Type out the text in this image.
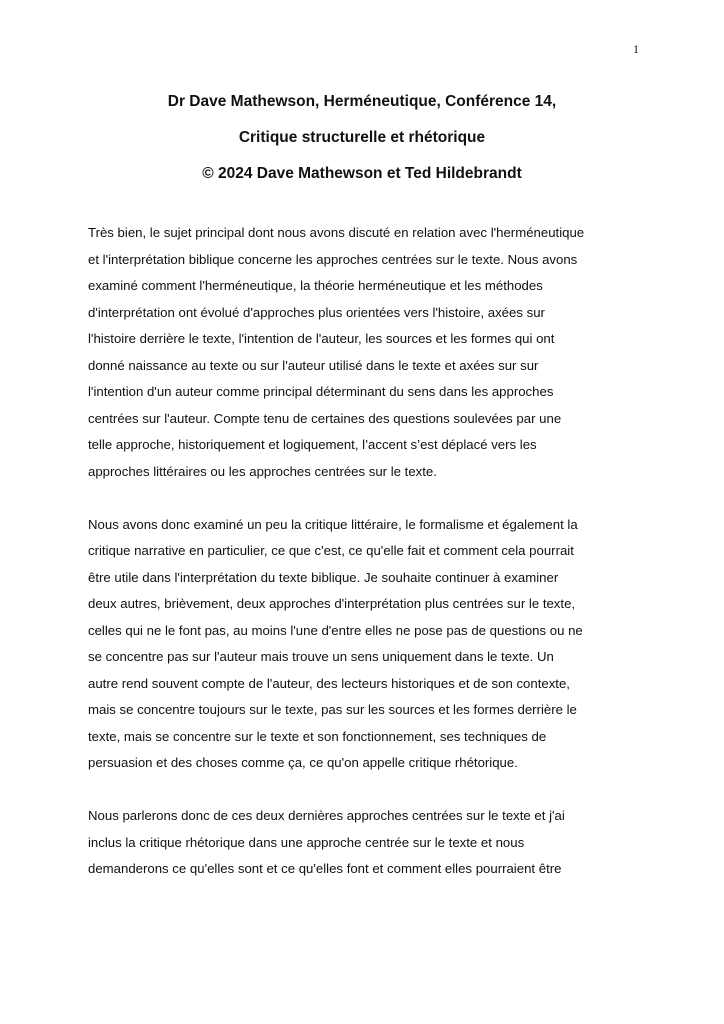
1
Dr Dave Mathewson, Herméneutique, Conférence 14,
Critique structurelle et rhétorique
© 2024 Dave Mathewson et Ted Hildebrandt
Très bien, le sujet principal dont nous avons discuté en relation avec l'herméneutique
et l'interprétation biblique concerne les approches centrées sur le texte. Nous avons
examiné comment l'herméneutique, la théorie herméneutique et les méthodes
d'interprétation ont évolué d'approches plus orientées vers l'histoire, axées sur
l'histoire derrière le texte, l'intention de l'auteur, les sources et les formes qui ont
donné naissance au texte ou sur l'auteur utilisé dans le texte et axées sur sur
l'intention d'un auteur comme principal déterminant du sens dans les approches
centrées sur l'auteur. Compte tenu de certaines des questions soulevées par une
telle approche, historiquement et logiquement, l’accent s’est déplacé vers les
approches littéraires ou les approches centrées sur le texte.
Nous avons donc examiné un peu la critique littéraire, le formalisme et également la
critique narrative en particulier, ce que c'est, ce qu'elle fait et comment cela pourrait
être utile dans l'interprétation du texte biblique. Je souhaite continuer à examiner
deux autres, brièvement, deux approches d'interprétation plus centrées sur le texte,
celles qui ne le font pas, au moins l'une d'entre elles ne pose pas de questions ou ne
se concentre pas sur l'auteur mais trouve un sens uniquement dans le texte. Un
autre rend souvent compte de l'auteur, des lecteurs historiques et de son contexte,
mais se concentre toujours sur le texte, pas sur les sources et les formes derrière le
texte, mais se concentre sur le texte et son fonctionnement, ses techniques de
persuasion et des choses comme ça, ce qu'on appelle critique rhétorique.
Nous parlerons donc de ces deux dernières approches centrées sur le texte et j'ai
inclus la critique rhétorique dans une approche centrée sur le texte et nous
demanderons ce qu'elles sont et ce qu'elles font et comment elles pourraient être
